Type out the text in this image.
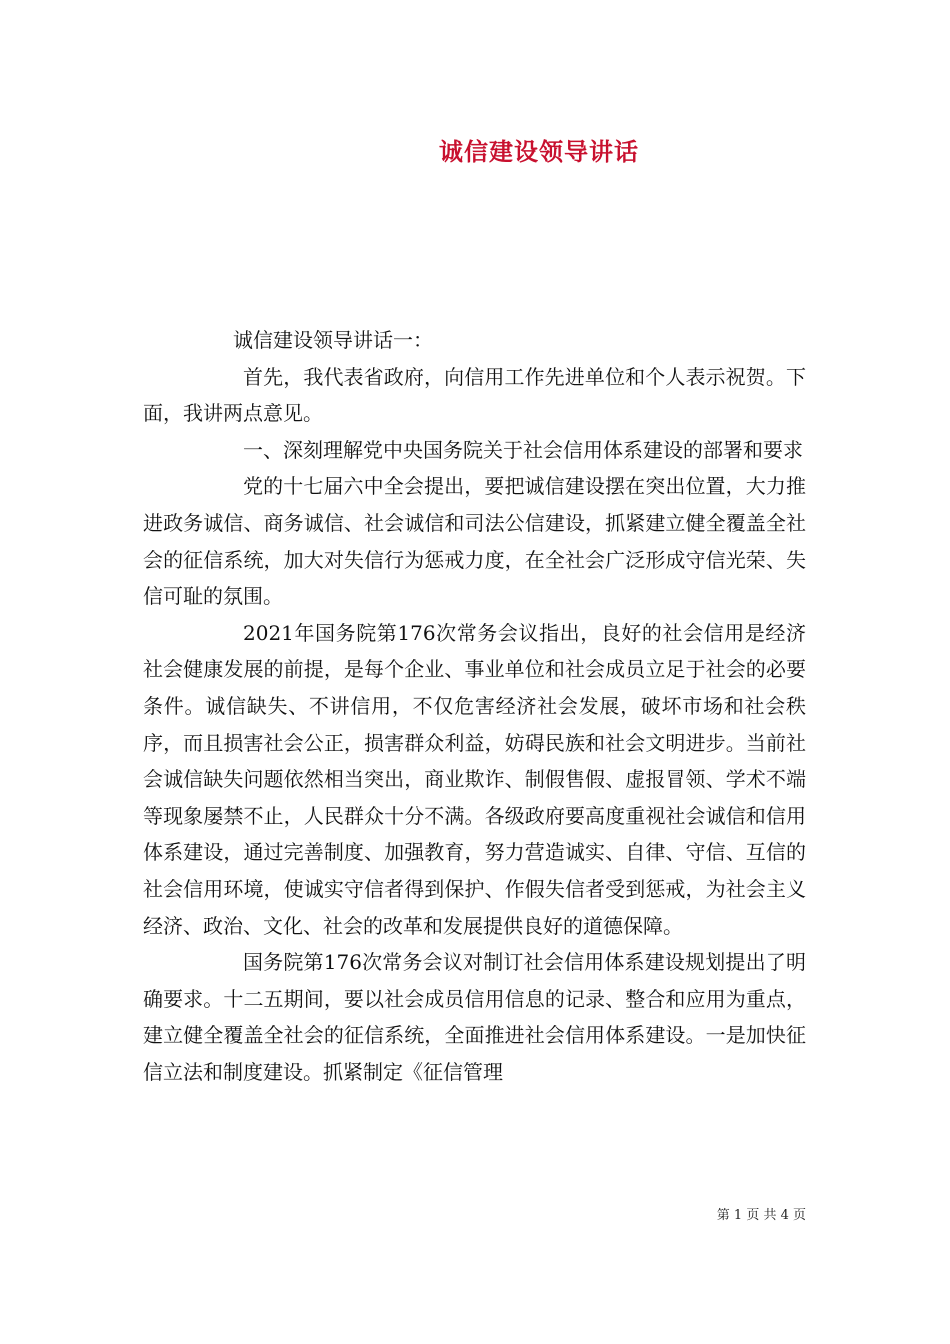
诚信建设领导讲话

诚信建设领导讲话一：

首先，我代表省政府，向信用工作先进单位和个人表示祝贺。下面，我讲两点意见。

一、深刻理解党中央国务院关于社会信用体系建设的部署和要求

党的十七届六中全会提出，要把诚信建设摆在突出位置，大力推进政务诚信、商务诚信、社会诚信和司法公信建设，抓紧建立健全覆盖全社会的征信系统，加大对失信行为惩戒力度，在全社会广泛形成守信光荣、失信可耻的氛围。

2021年国务院第176次常务会议指出，良好的社会信用是经济社会健康发展的前提，是每个企业、事业单位和社会成员立足于社会的必要条件。诚信缺失、不讲信用，不仅危害经济社会发展，破坏市场和社会秩序，而且损害社会公正，损害群众利益，妨碍民族和社会文明进步。当前社会诚信缺失问题依然相当突出，商业欺诈、制假售假、虚报冒领、学术不端等现象屡禁不止，人民群众十分不满。各级政府要高度重视社会诚信和信用体系建设，通过完善制度、加强教育，努力营造诚实、自律、守信、互信的社会信用环境，使诚实守信者得到保护、作假失信者受到惩戒，为社会主义经济、政治、文化、社会的改革和发展提供良好的道德保障。

国务院第176次常务会议对制订社会信用体系建设规划提出了明确要求。十二五期间，要以社会成员信用信息的记录、整合和应用为重点，建立健全覆盖全社会的征信系统，全面推进社会信用体系建设。一是加快征信立法和制度建设。抓紧制定《征信管理

第 1 页 共 4 页
